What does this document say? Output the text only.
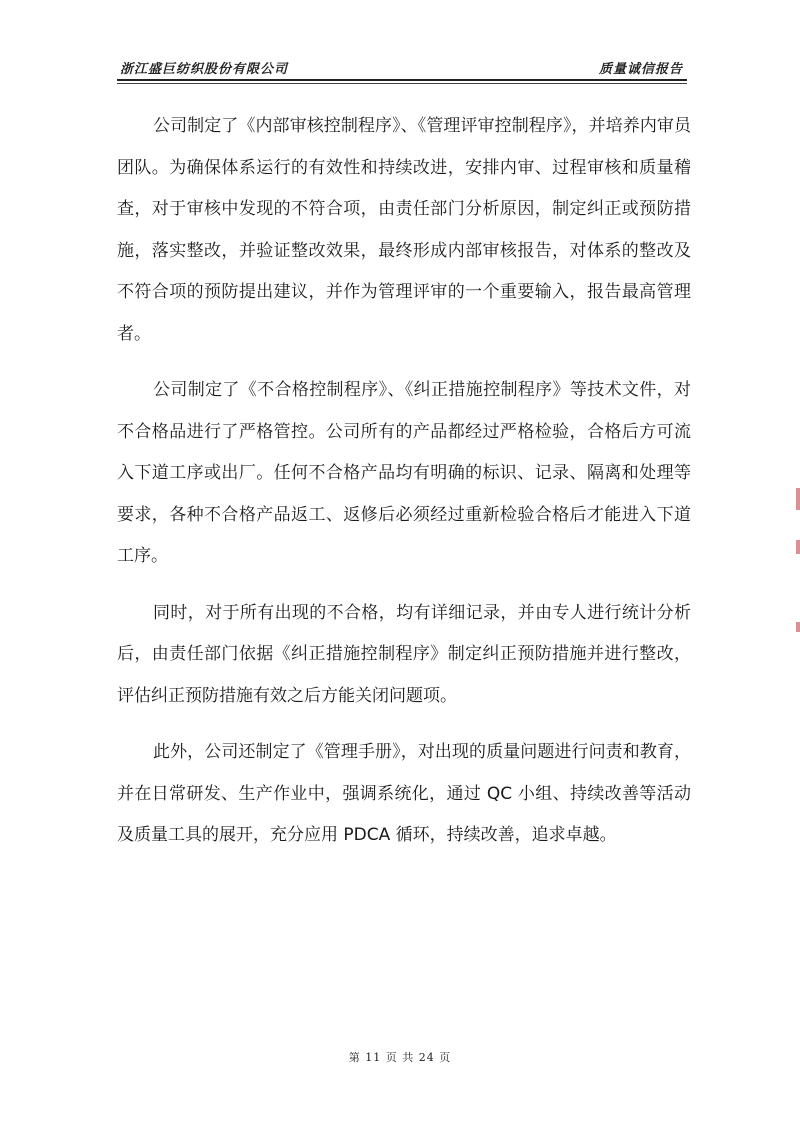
浙江盛巨纺织股份有限公司	质量诚信报告

公司制定了《内部审核控制程序》、《管理评审控制程序》，并培养内审员团队。为确保体系运行的有效性和持续改进，安排内审、过程审核和质量稽查，对于审核中发现的不符合项，由责任部门分析原因，制定纠正或预防措施，落实整改，并验证整改效果，最终形成内部审核报告，对体系的整改及不符合项的预防提出建议，并作为管理评审的一个重要输入，报告最高管理者。

公司制定了《不合格控制程序》、《纠正措施控制程序》等技术文件，对不合格品进行了严格管控。公司所有的产品都经过严格检验，合格后方可流入下道工序或出厂。任何不合格产品均有明确的标识、记录、隔离和处理等要求，各种不合格产品返工、返修后必须经过重新检验合格后才能进入下道工序。

同时，对于所有出现的不合格，均有详细记录，并由专人进行统计分析后，由责任部门依据《纠正措施控制程序》制定纠正预防措施并进行整改，评估纠正预防措施有效之后方能关闭问题项。

此外，公司还制定了《管理手册》，对出现的质量问题进行问责和教育，并在日常研发、生产作业中，强调系统化，通过 QC 小组、持续改善等活动及质量工具的展开，充分应用 PDCA 循环，持续改善，追求卓越。

第 11 页 共 24 页
